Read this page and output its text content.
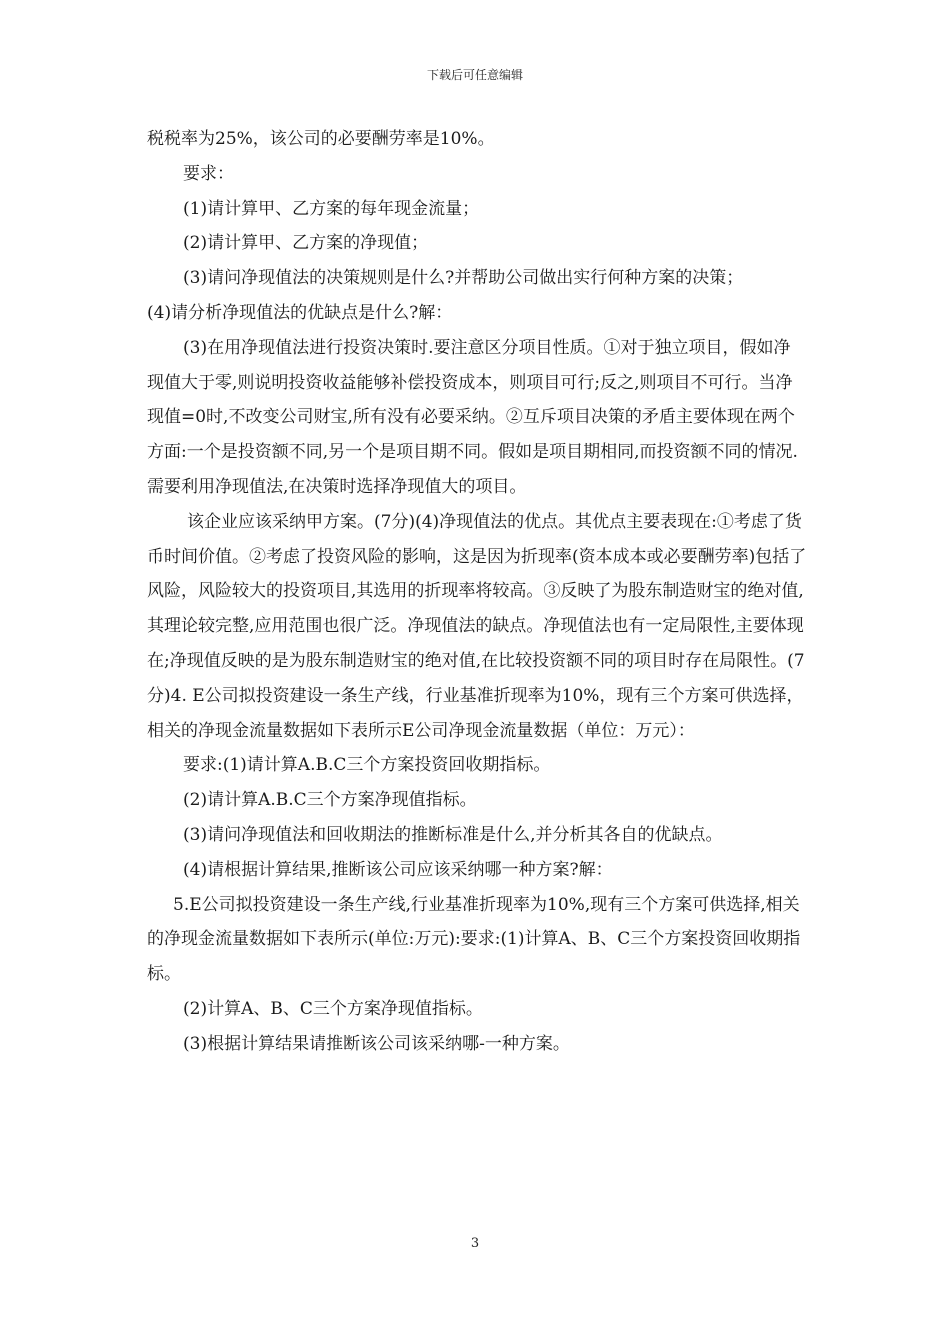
下载后可任意编辑

税税率为25%，该公司的必要酬劳率是10%。

要求：

(1)请计算甲、乙方案的每年现金流量；

(2)请计算甲、乙方案的净现值；

(3)请问净现值法的决策规则是什么?并帮助公司做出实行何种方案的决策；

(4)请分析净现值法的优缺点是什么?解：

(3)在用净现值法进行投资决策时.要注意区分项目性质。①对于独立项目，假如净现值大于零,则说明投资收益能够补偿投资成本，则项目可行;反之,则项目不可行。当净现值=0时,不改变公司财宝,所有没有必要采纳。②互斥项目决策的矛盾主要体现在两个方面:一个是投资额不同,另一个是项目期不同。假如是项目期相同,而投资额不同的情况.需要利用净现值法,在决策时选择净现值大的项目。

该企业应该采纳甲方案。(7分)(4)净现值法的优点。其优点主要表现在:①考虑了货币时间价值。②考虑了投资风险的影响，这是因为折现率(资本成本或必要酬劳率)包括了风险，风险较大的投资项目,其选用的折现率将较高。③反映了为股东制造财宝的绝对值,其理论较完整,应用范围也很广泛。净现值法的缺点。净现值法也有一定局限性,主要体现在;净现值反映的是为股东制造财宝的绝对值,在比较投资额不同的项目时存在局限性。(7分)4. E公司拟投资建设一条生产线，行业基准折现率为10%，现有三个方案可供选择，相关的净现金流量数据如下表所示E公司净现金流量数据（单位：万元）：

要求:(1)请计算A.B.C三个方案投资回收期指标。

(2)请计算A.B.C三个方案净现值指标。

(3)请问净现值法和回收期法的推断标准是什么,并分析其各自的优缺点。

(4)请根据计算结果,推断该公司应该采纳哪一种方案?解：

5.E公司拟投资建设一条生产线,行业基准折现率为10%,现有三个方案可供选择,相关的净现金流量数据如下表所示(单位:万元):要求:(1)计算A、B、C三个方案投资回收期指标。

(2)计算A、B、C三个方案净现值指标。

(3)根据计算结果请推断该公司该采纳哪-一种方案。

3
